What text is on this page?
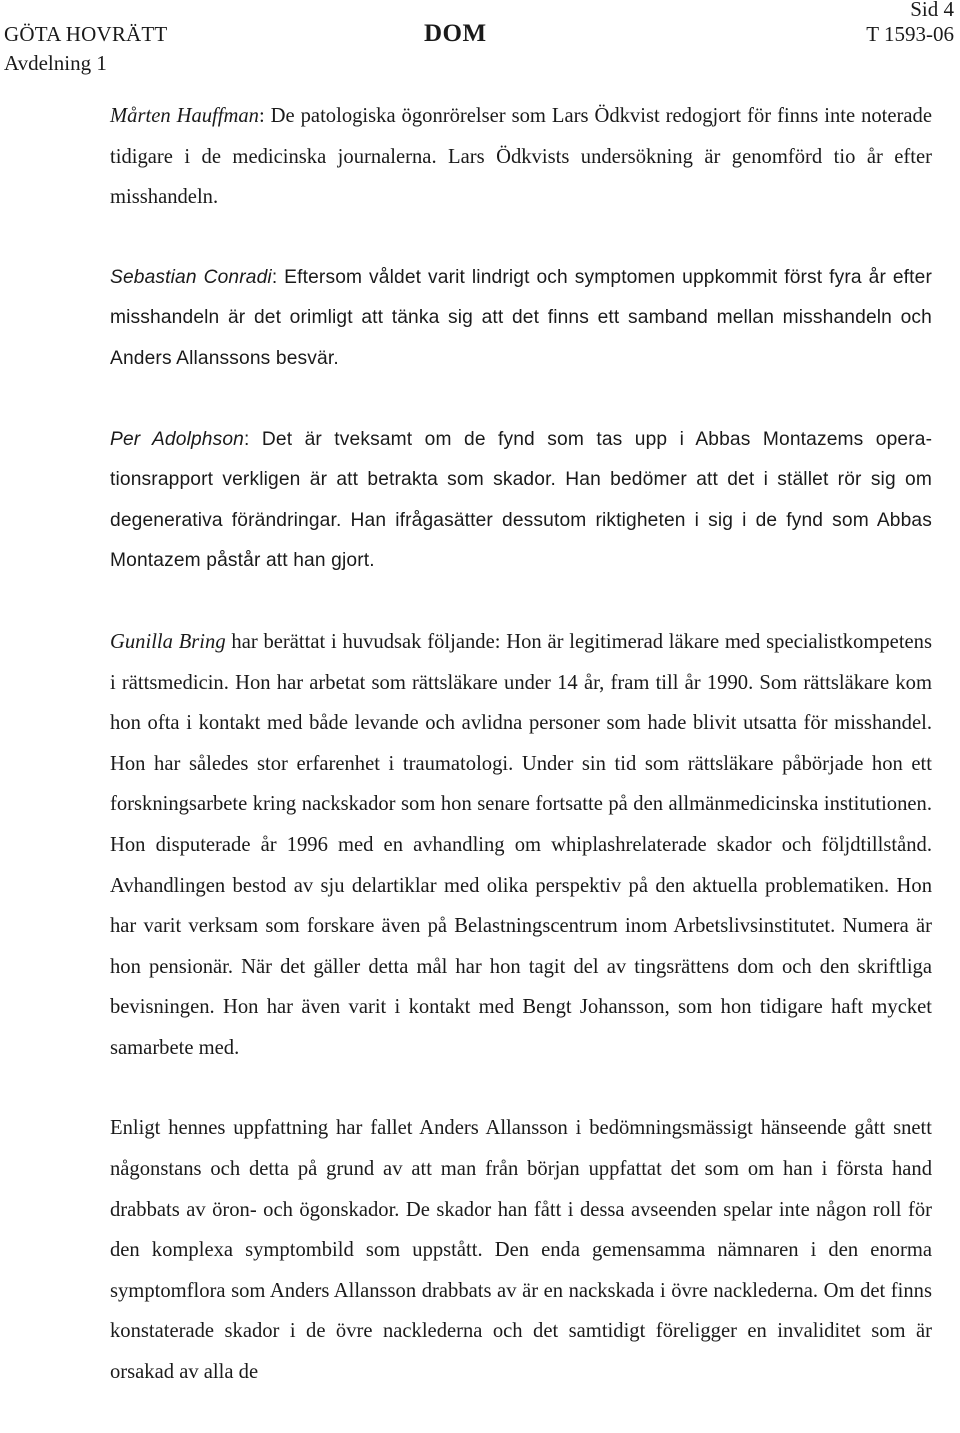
GÖTA HOVRÄTT
Avdelning 1
DOM
Sid 4
T 1593-06

Mårten Hauffman: De patologiska ögonrörelser som Lars Ödkvist redogjort för finns inte noterade tidigare i de medicinska journalerna. Lars Ödkvists undersökning är genomförd tio år efter misshandeln.

Sebastian Conradi: Eftersom våldet varit lindrigt och symptomen uppkommit först fyra år efter misshandeln är det orimligt att tänka sig att det finns ett samband mellan misshandeln och Anders Allanssons besvär.

Per Adolphson: Det är tveksamt om de fynd som tas upp i Abbas Montazems operationsrapport verkligen är att betrakta som skador. Han bedömer att det i stället rör sig om degenerativa förändringar. Han ifrågasätter dessutom riktigheten i sig i de fynd som Abbas Montazem påstår att han gjort.

Gunilla Bring har berättat i huvudsak följande: Hon är legitimerad läkare med specialistkompetens i rättsmedicin. Hon har arbetat som rättsläkare under 14 år, fram till år 1990. Som rättsläkare kom hon ofta i kontakt med både levande och avlidna personer som hade blivit utsatta för misshandel. Hon har således stor erfarenhet i traumatologi. Under sin tid som rättsläkare påbörjade hon ett forskningsarbete kring nackskador som hon senare fortsatte på den allmänmedicinska institutionen. Hon disputerade år 1996 med en avhandling om whiplashrelaterade skador och följdtillstånd. Avhandlingen bestod av sju delartiklar med olika perspektiv på den aktuella problematiken. Hon har varit verksam som forskare även på Belastningscentrum inom Arbetslivsinstitutet. Numera är hon pensionär. När det gäller detta mål har hon tagit del av tingsrättens dom och den skriftliga bevisningen. Hon har även varit i kontakt med Bengt Johansson, som hon tidigare haft mycket samarbete med.

Enligt hennes uppfattning har fallet Anders Allansson i bedömningsmässigt hänseende gått snett någonstans och detta på grund av att man från början uppfattat det som om han i första hand drabbats av öron- och ögonskador. De skador han fått i dessa avseenden spelar inte någon roll för den komplexa symptombild som uppstått. Den enda gemensamma nämnaren i den enorma symptomflora som Anders Allansson drabbats av är en nackskada i övre nacklederna. Om det finns konstaterade skador i de övre nacklederna och det samtidigt föreligger en invaliditet som är orsakad av alla de
